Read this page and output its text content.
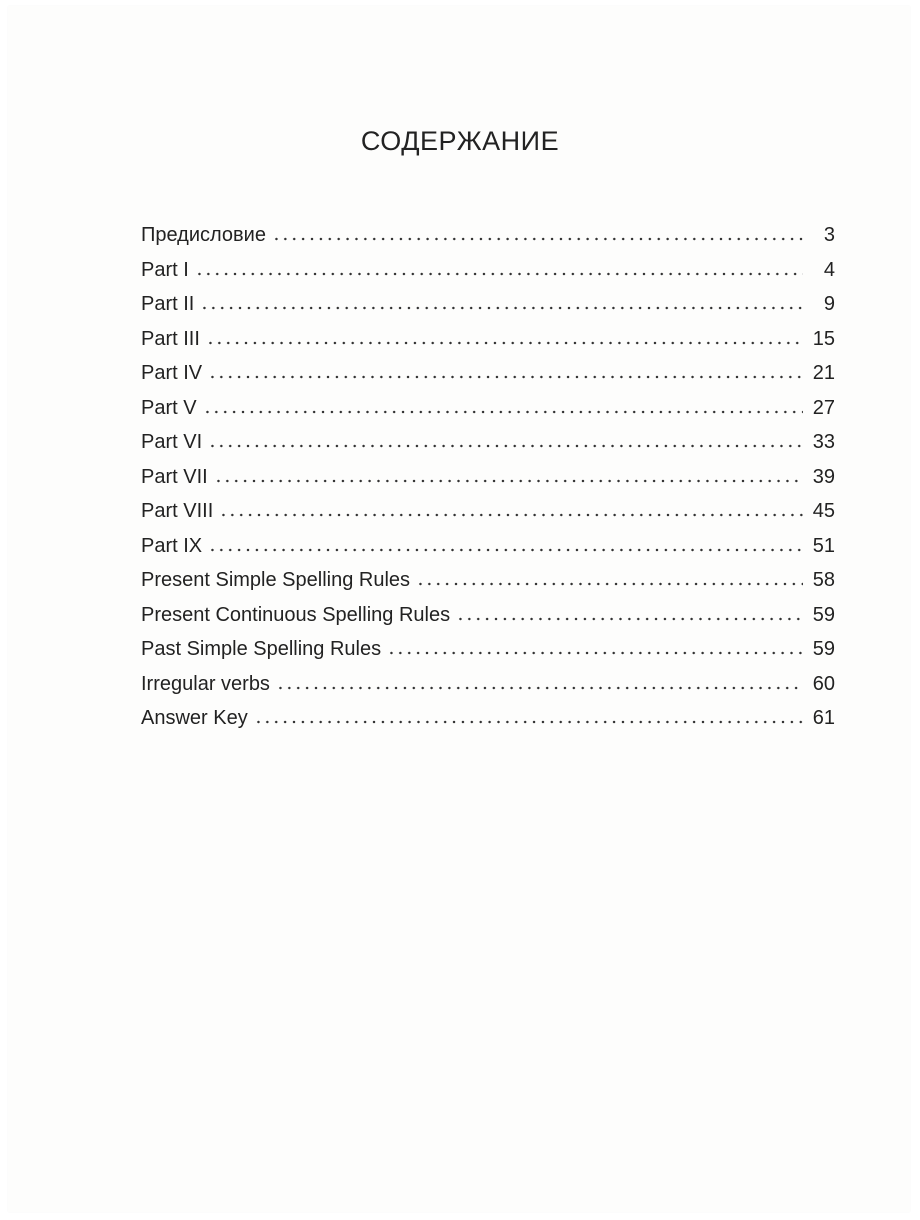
СОДЕРЖАНИЕ
Предисловие	3
Part I	4
Part II	9
Part III	15
Part IV	21
Part V	27
Part VI	33
Part VII	39
Part VIII	45
Part IX	51
Present Simple Spelling Rules	58
Present Continuous Spelling Rules	59
Past Simple Spelling Rules	59
Irregular verbs	60
Answer Key	61
